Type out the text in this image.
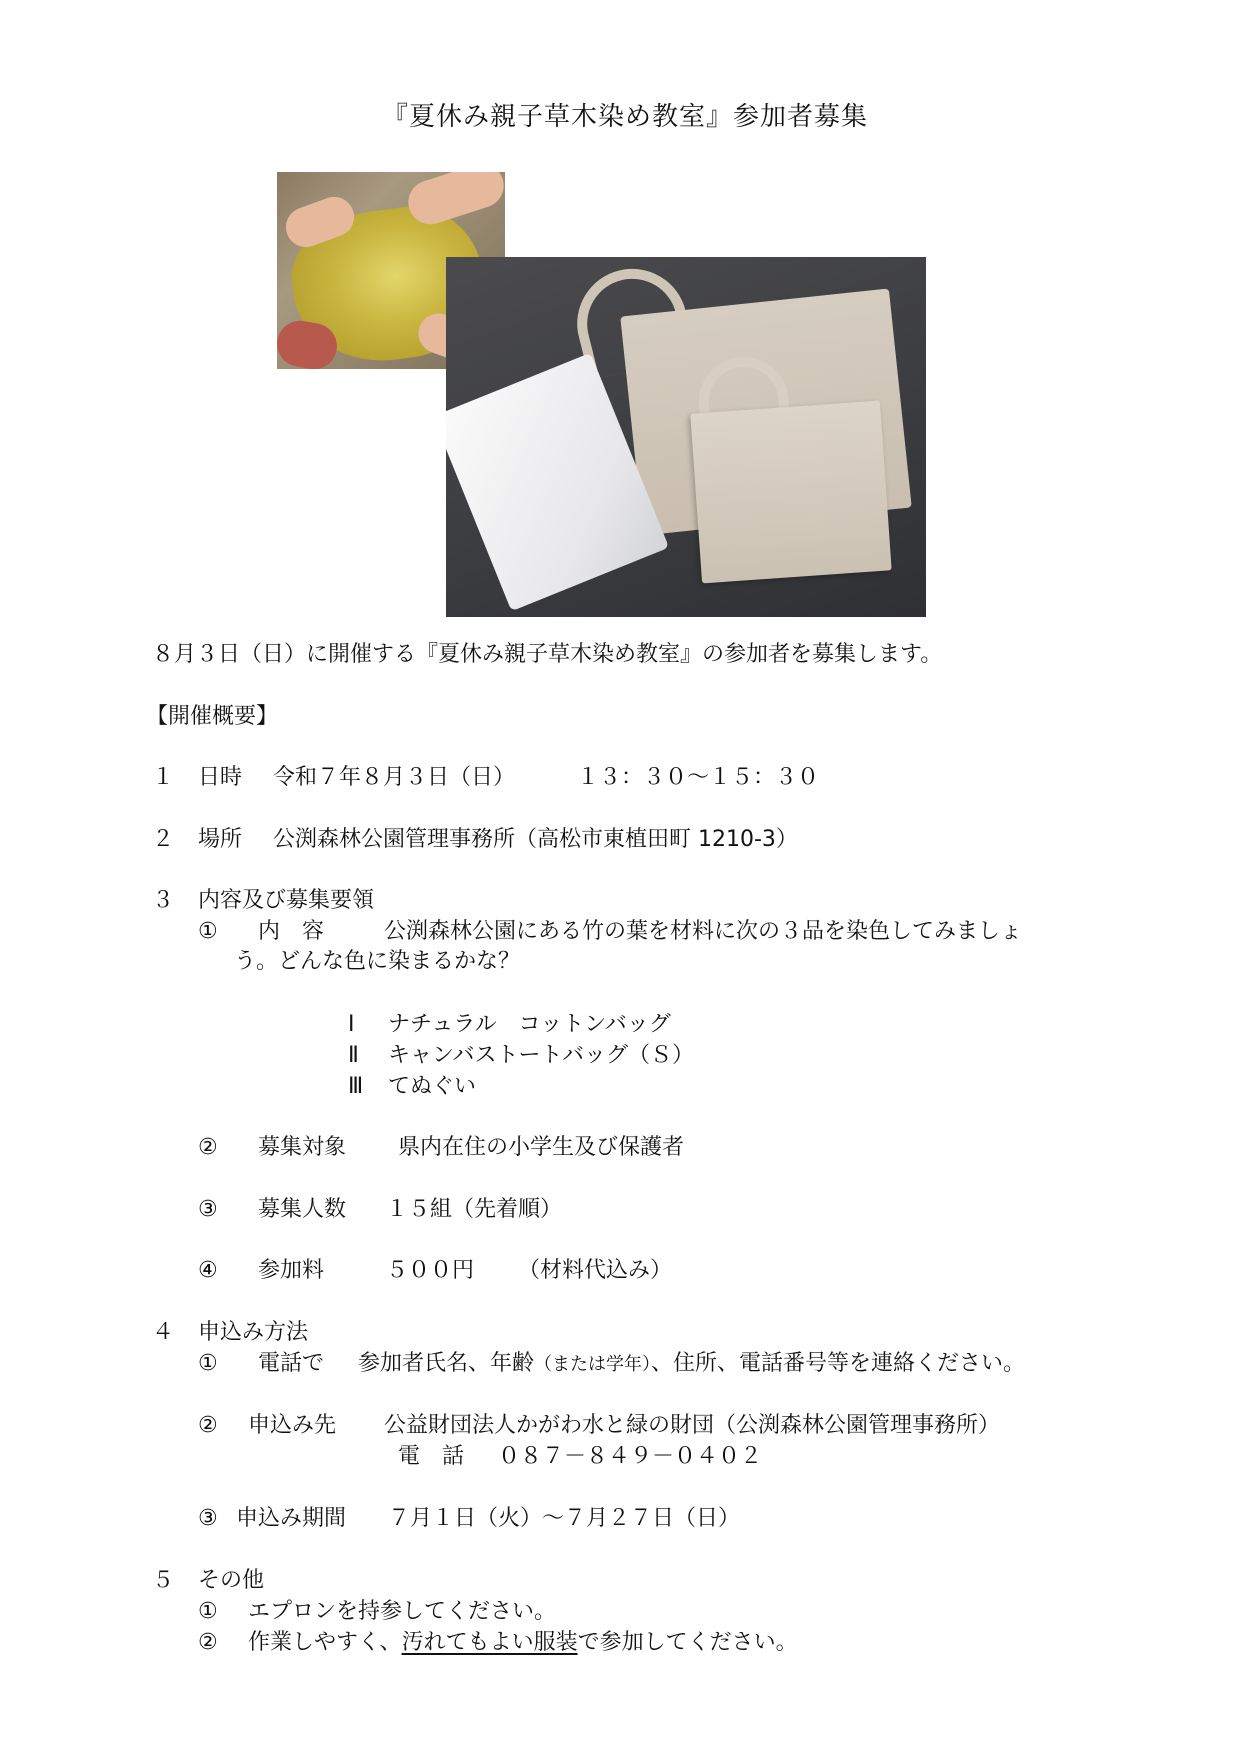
『夏休み親子草木染め教室』参加者募集
８月３日（日）に開催する『夏休み親子草木染め教室』の参加者を募集します。
【開催概要】
１ 日時 令和７年８月３日（日）	１３：３０～１５：３０
２ 場所 公渕森林公園管理事務所（高松市東植田町 1210-3）
３ 内容及び募集要領
① 内　容	公渕森林公園にある竹の葉を材料に次の３品を染色してみましょ
う。どんな色に染まるかな？
Ⅰ ナチュラル　コットンバッグ
Ⅱ キャンバストートバッグ（Ｓ）
Ⅲ てぬぐい
② 募集対象 県内在住の小学生及び保護者
③ 募集人数 １５組（先着順）
④ 参加料	５００円 （材料代込み）
４ 申込み方法
① 電話で 参加者氏名、年齢（または学年）、住所、電話番号等を連絡ください。
② 申込み先 公益財団法人かがわ水と緑の財団（公渕森林公園管理事務所）
電　話 ０８７－８４９－０４０２
③ 申込み期間 ７月１日（火）～７月２７日（日）
５ その他
① エプロンを持参してください。
② 作業しやすく、汚れてもよい服装で参加してください。
